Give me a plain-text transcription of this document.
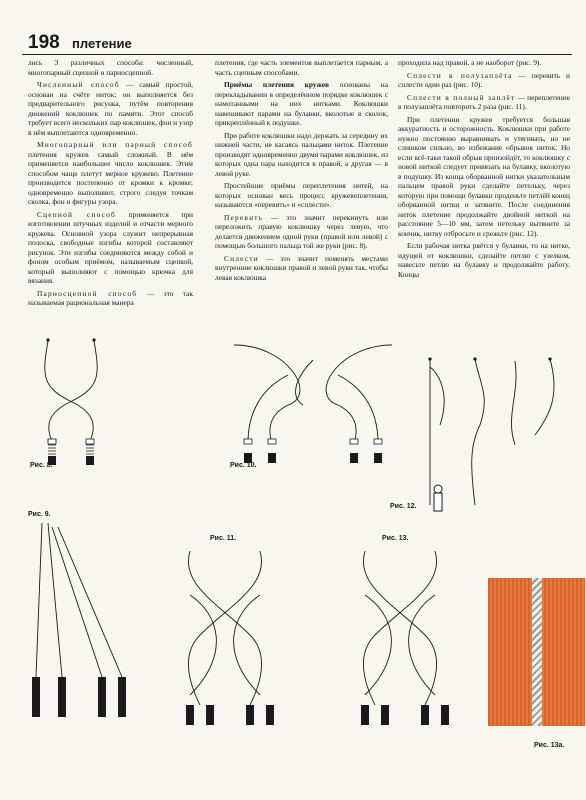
198 плетение

лись 3 различных способа: численный, многопарный сцепной и парносцепной.

Численный способ — самый простой, основан на счёте ниток; он выполняется без предварительного рисунка, путём повторения движений коклюшек по памяти. Этот способ требует всего нескольких пар коклюшек, фон и узор в нём выплетаются одновременно.

Многопарный или парный способ плетения кружев самый сложный. В нём применяется наибольшее число коклюшек. Этим способом чаще плетут мерное кружево. Плетение производится постепенно от кромки к кромке; одновременно выполняют, строго следуя точкам сколка, фон и фигуры узора.

Сцепной способ применяется при изготовлении штучных изделий и отчасти мерного кружева. Основной узора служит непрерывная полоска, свободные изгибы которой составляют рисунок. Эти изгибы соединяются между собой и фоном особым приёмом, называемым сцепкой, который выполняют с помощью крючка для вязания.

Парносцепной способ — это так называемая рациональная манера

плетения, где часть элементов выплетается парным, а часть сцепным способами.

Приёмы плетения кружев основаны на перекладывании в определённом порядке коклюшек с намотанными на них нитками. Коклюшки навешивают парами на булавки, вколотые в сколок, прикреплённый к подушке.

При работе коклюшки надо держать за середину их нижней части, не касаясь пальцами ниток. Плетение производят одновременно двумя парами коклюшек, из которых одна пара находится в правой, а другая — в левой руке.

Простейшие приёмы переплетения нитей, на которых основан весь процесс кружевоплетения, называются «перевить» и «сплести».

Перевить — это значит перекинуть или переложить правую коклюшку через левую, что делается движением одной руки (правой или левой) с помощью большого пальца той же руки (рис. 8).

Сплести — это значит поменять местами внутренние коклюшки правой и левой руки так, чтобы левая коклюшка

проходила над правой, а не наоборот (рис. 9).

Сплести в полузаплёта — перевить и сплести один раз (рис. 10).

Сплести в полный заплёт — переплетение в полузаплёта повторить 2 раза (рис. 11).

При плетении кружев требуется большая аккуратность и осторожность. Коклюшки при работе нужно постоянно выравнивать и утягивать, но не слишком сильно, во избежание обрывов ниток. Но если всё-таки такой обрыв произойдёт, то коклюшку с новой ниткой следует привязать на булавку, вколотую в подушку. Из конца оборванной нитки указательным пальцем правой руки сделайте петельку, через которую при помощи булавки проденьте петлёй конец оборванной нитки и затяните. После соединения ниток плетение продолжайте двойной ниткой на расстояние 5—10 мм, затем петельку вытяните за кончик, нитку отбросьте и срежьте (рис. 12).

Если рабочая нитка рвётся у булавки, то на нитке, идущей от коклюшки, сделайте петлю с узелком, навесьте петлю на булавку и продолжайте работу. Концы

Рис. 8.	Рис. 10.
Рис. 12.
Рис. 9.
Рис. 11.	Рис. 13.
Рис. 13а.
